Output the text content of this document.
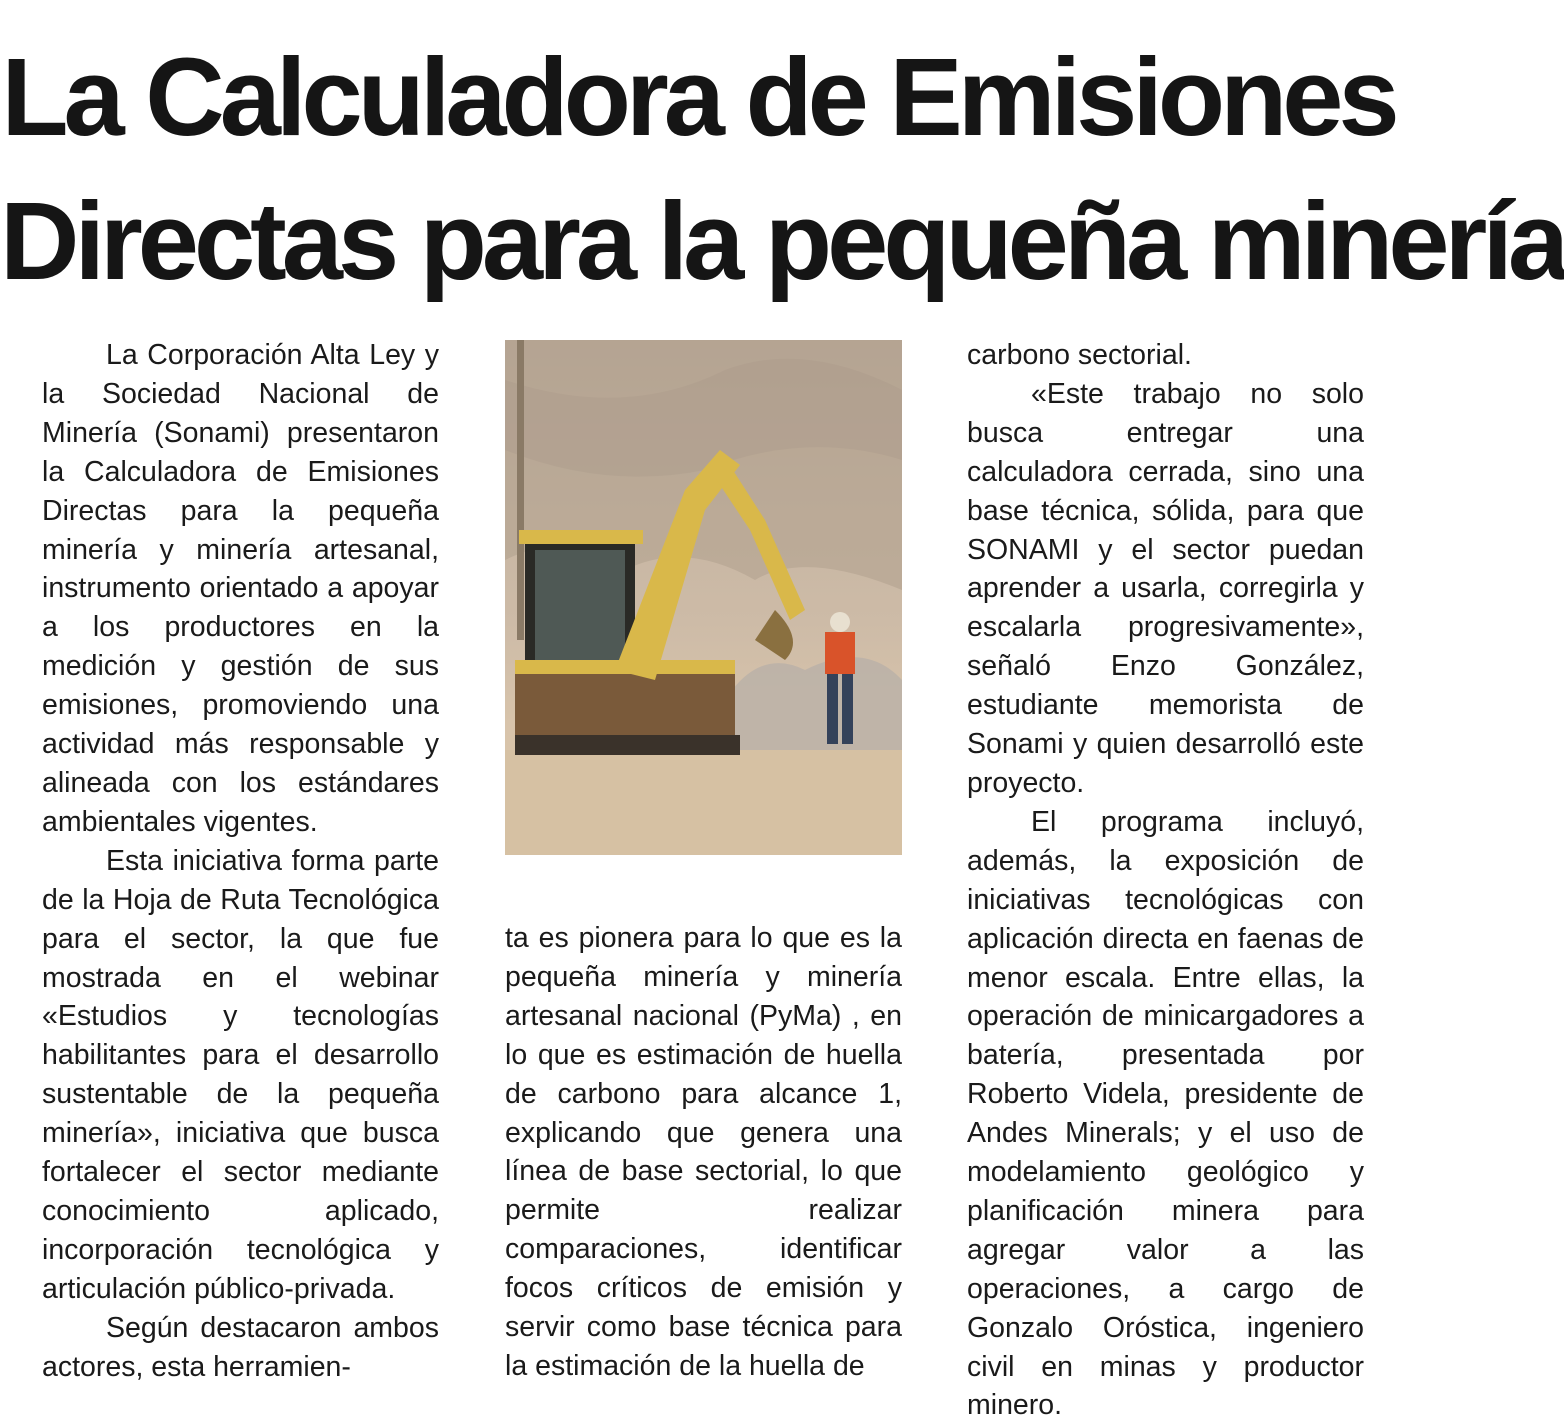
La Calculadora de Emisiones
Directas para la pequeña minería

La Corporación Alta Ley y la Sociedad Nacional de Minería (Sonami) presentaron la Calculadora de Emisiones Directas para la pequeña minería y minería artesanal, instrumento orientado a apoyar a los productores en la medición y gestión de sus emisiones, promoviendo una actividad más responsable y alineada con los estándares ambientales vigentes.

Esta iniciativa forma parte de la Hoja de Ruta Tecnológica para el sector, la que fue mostrada en el webinar «Estudios y tecnologías habilitantes para el desarrollo sustentable de la pequeña minería», iniciativa que busca fortalecer el sector mediante conocimiento aplicado, incorporación tecnológica y articulación público-privada.

Según destacaron ambos actores, esta herramien-

ta es pionera para lo que es la pequeña minería y minería artesanal nacional (PyMa) , en lo que es estimación de huella de carbono para alcance 1, explicando que genera una línea de base sectorial, lo que permite realizar comparaciones, identificar focos críticos de emisión y servir como base técnica para la estimación de la huella de

carbono sectorial.

«Este trabajo no solo busca entregar una calculadora cerrada, sino una base técnica, sólida, para que SONAMI y el sector puedan aprender a usarla, corregirla y escalarla progresivamente», señaló Enzo González, estudiante memorista de Sonami y quien desarrolló este proyecto.

El programa incluyó, además, la exposición de iniciativas tecnológicas con aplicación directa en faenas de menor escala. Entre ellas, la operación de minicargadores a batería, presentada por Roberto Videla, presidente de Andes Minerals; y el uso de modelamiento geológico y planificación minera para agregar valor a las operaciones, a cargo de Gonzalo Oróstica, ingeniero civil en minas y productor minero.
